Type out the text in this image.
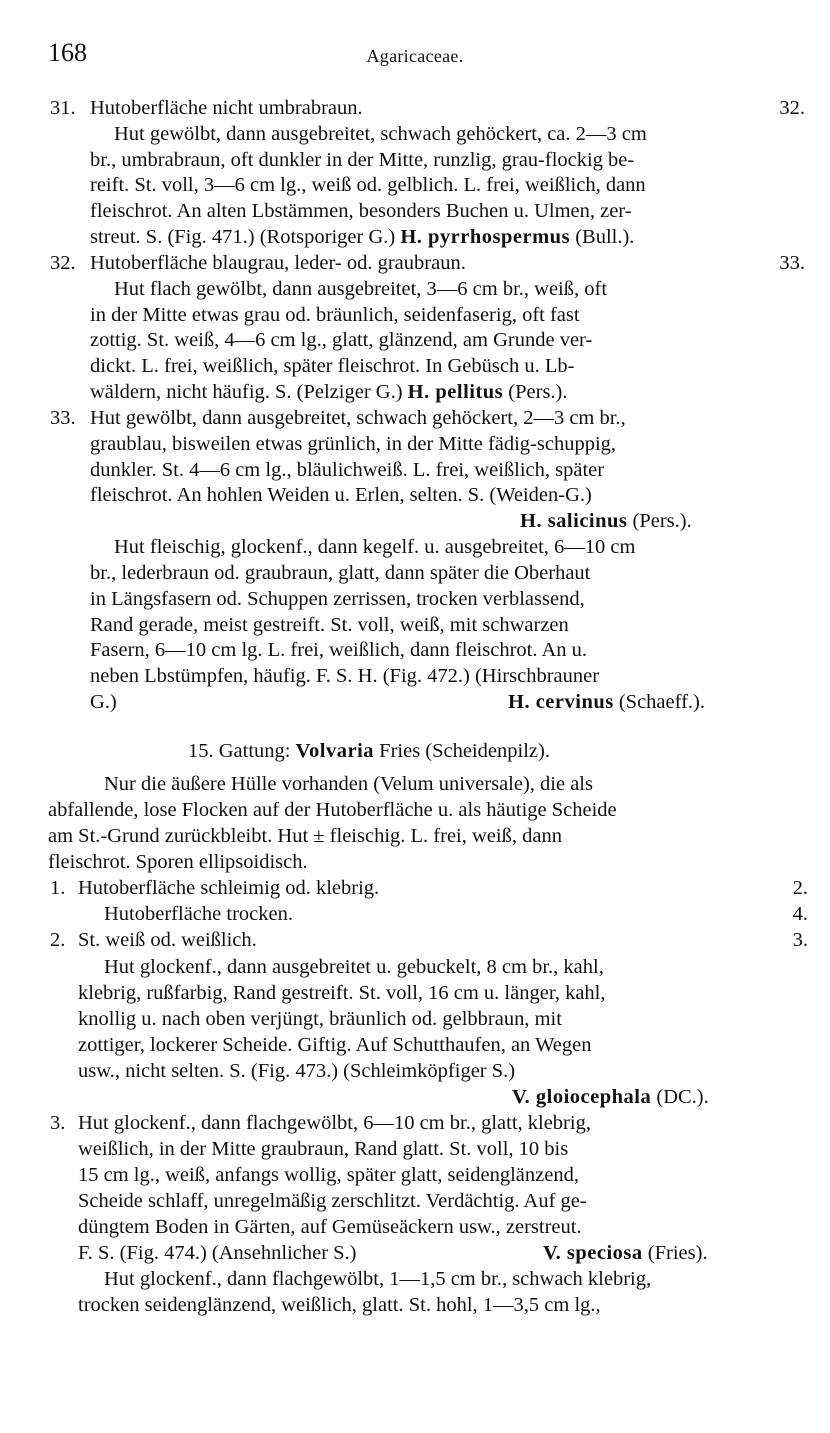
168	Agaricaceae.
31. Hutoberfläche nicht umbrabraun.	32.
Hut gewölbt, dann ausgebreitet, schwach gehöckert, ca. 2—3 cm
br., umbrabraun, oft dunkler in der Mitte, runzlig, grau-flockig be-
reift. St. voll, 3—6 cm lg., weiß od. gelblich. L. frei, weißlich, dann
fleischrot. An alten Lbstämmen, besonders Buchen u. Ulmen, zer-
streut. S. (Fig. 471.) (Rotsporiger G.) H. pyrrhospermus (Bull.).
32. Hutoberfläche blaugrau, leder- od. graubraun.	33.
Hut flach gewölbt, dann ausgebreitet, 3—6 cm br., weiß, oft
in der Mitte etwas grau od. bräunlich, seidenfaserig, oft fast
zottig. St. weiß, 4—6 cm lg., glatt, glänzend, am Grunde ver-
dickt. L. frei, weißlich, später fleischrot. In Gebüsch u. Lb-
wäldern, nicht häufig. S. (Pelziger G.) H. pellitus (Pers.).
33. Hut gewölbt, dann ausgebreitet, schwach gehöckert, 2—3 cm br.,
graublau, bisweilen etwas grünlich, in der Mitte fädig-schuppig,
dunkler. St. 4—6 cm lg., bläulichweiß. L. frei, weißlich, später
fleischrot. An hohlen Weiden u. Erlen, selten. S. (Weiden-G.)
H. salicinus (Pers.).
Hut fleischig, glockenf., dann kegelf. u. ausgebreitet, 6—10 cm
br., lederbraun od. graubraun, glatt, dann später die Oberhaut
in Längsfasern od. Schuppen zerrissen, trocken verblassend,
Rand gerade, meist gestreift. St. voll, weiß, mit schwarzen
Fasern, 6—10 cm lg. L. frei, weißlich, dann fleischrot. An u.
neben Lbstümpfen, häufig. F. S. H. (Fig. 472.) (Hirschbrauner
G.)	H. cervinus (Schaeff.).
15. Gattung: Volvaria Fries (Scheidenpilz).
Nur die äußere Hülle vorhanden (Velum universale), die als
abfallende, lose Flocken auf der Hutoberfläche u. als häutige Scheide
am St.-Grund zurückbleibt. Hut ± fleischig. L. frei, weiß, dann
fleischrot. Sporen ellipsoidisch.
1. Hutoberfläche schleimig od. klebrig.	2.
Hutoberfläche trocken.	4.
2. St. weiß od. weißlich.	3.
Hut glockenf., dann ausgebreitet u. gebuckelt, 8 cm br., kahl,
klebrig, rußfarbig, Rand gestreift. St. voll, 16 cm u. länger, kahl,
knollig u. nach oben verjüngt, bräunlich od. gelbbraun, mit
zottiger, lockerer Scheide. Giftig. Auf Schutthaufen, an Wegen
usw., nicht selten. S. (Fig. 473.) (Schleimköpfiger S.)
V. gloiocephala (DC.).
3. Hut glockenf., dann flachgewölbt, 6—10 cm br., glatt, klebrig,
weißlich, in der Mitte graubraun, Rand glatt. St. voll, 10 bis
15 cm lg., weiß, anfangs wollig, später glatt, seidenglänzend,
Scheide schlaff, unregelmäßig zerschlitzt. Verdächtig. Auf ge-
düngtem Boden in Gärten, auf Gemüseäckern usw., zerstreut.
F. S. (Fig. 474.) (Ansehnlicher S.)	V. speciosa (Fries).
Hut glockenf., dann flachgewölbt, 1—1,5 cm br., schwach klebrig,
trocken seidenglänzend, weißlich, glatt. St. hohl, 1—3,5 cm lg.,
